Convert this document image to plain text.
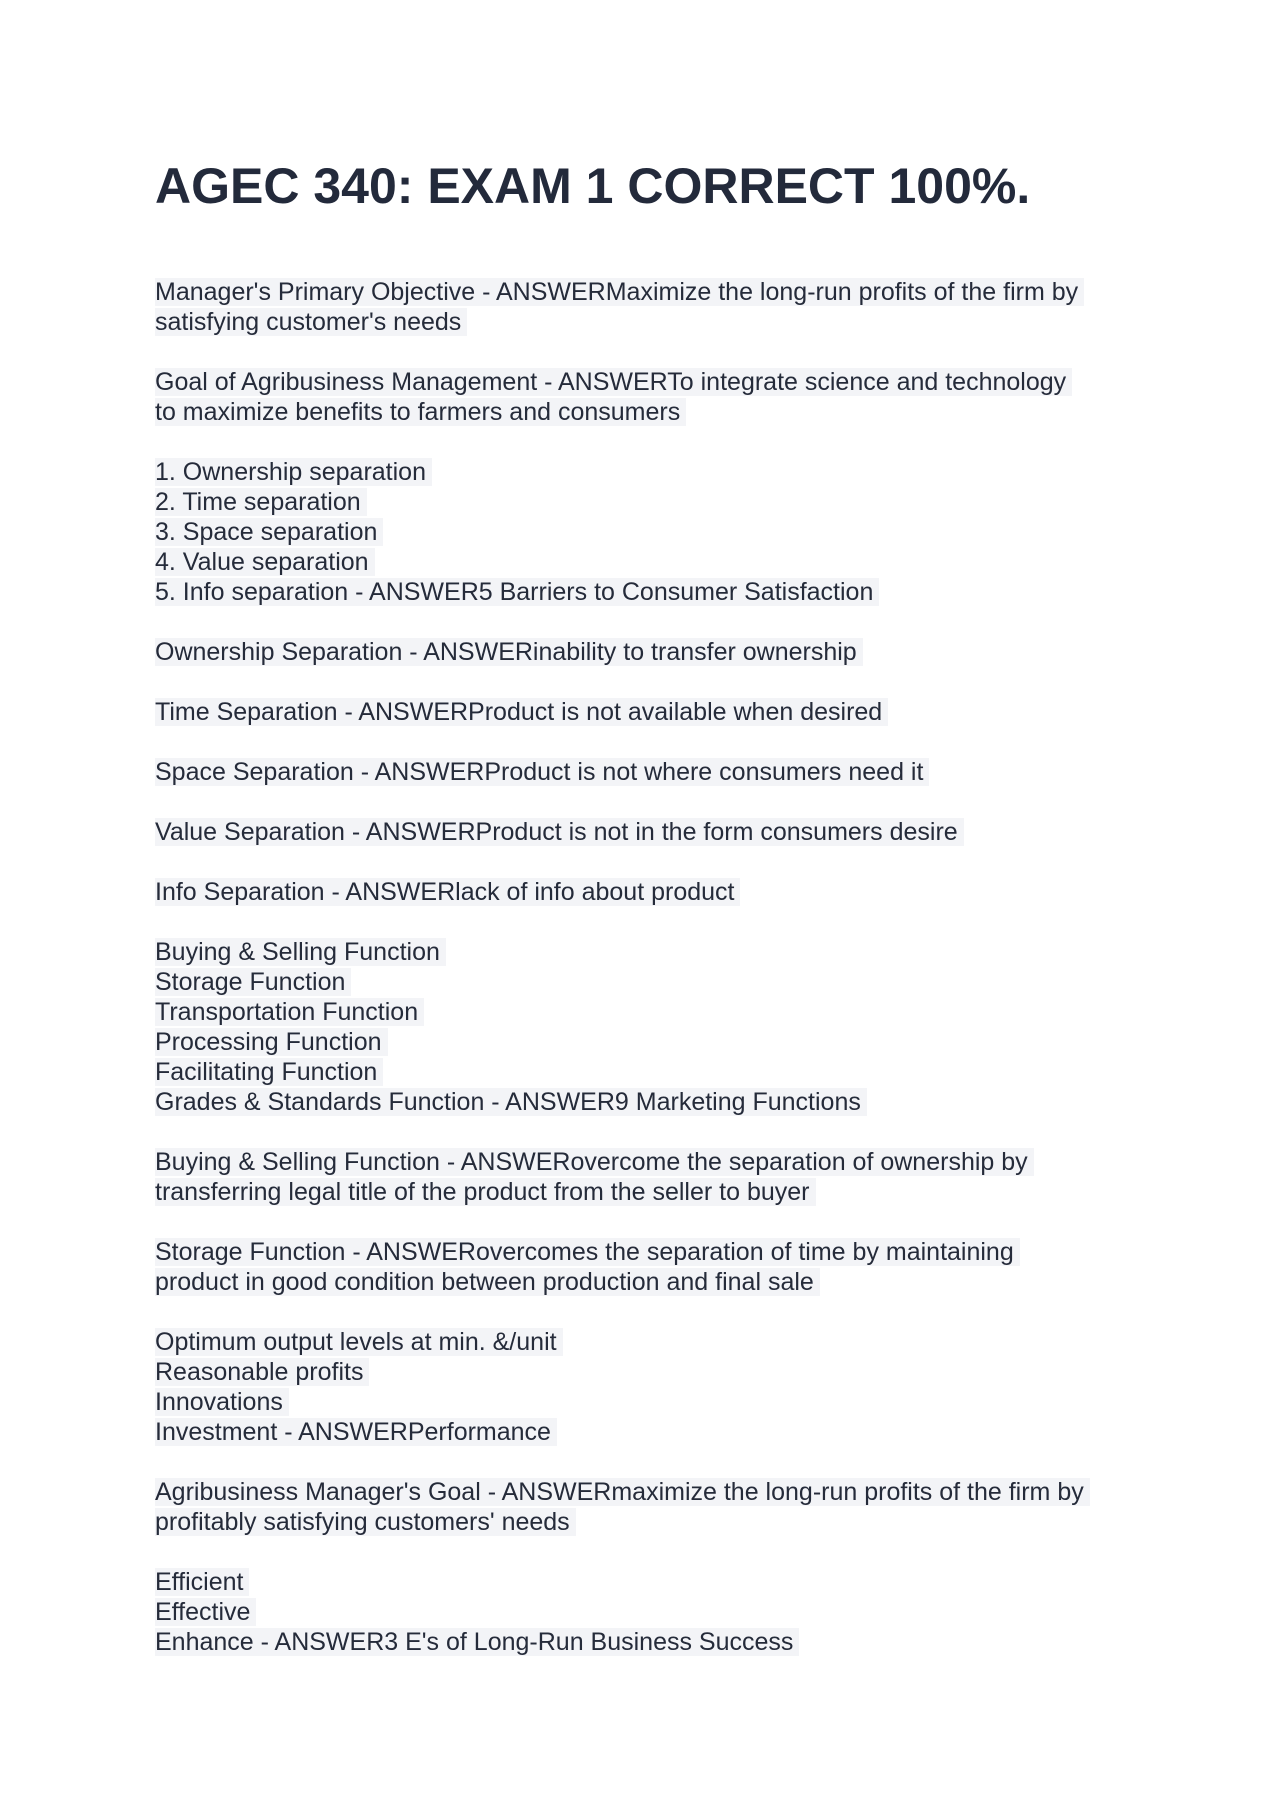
AGEC 340: EXAM 1 CORRECT 100%.
Manager's Primary Objective - ANSWERMaximize the long-run profits of the firm by
satisfying customer's needs
Goal of Agribusiness Management - ANSWERTo integrate science and technology
to maximize benefits to farmers and consumers
1. Ownership separation
2. Time separation
3. Space separation
4. Value separation
5. Info separation - ANSWER5 Barriers to Consumer Satisfaction
Ownership Separation - ANSWERinability to transfer ownership
Time Separation - ANSWERProduct is not available when desired
Space Separation - ANSWERProduct is not where consumers need it
Value Separation - ANSWERProduct is not in the form consumers desire
Info Separation - ANSWERlack of info about product
Buying & Selling Function
Storage Function
Transportation Function
Processing Function
Facilitating Function
Grades & Standards Function - ANSWER9 Marketing Functions
Buying & Selling Function - ANSWERovercome the separation of ownership by
transferring legal title of the product from the seller to buyer
Storage Function - ANSWERovercomes the separation of time by maintaining
product in good condition between production and final sale
Optimum output levels at min. &/unit
Reasonable profits
Innovations
Investment - ANSWERPerformance
Agribusiness Manager's Goal - ANSWERmaximize the long-run profits of the firm by
profitably satisfying customers' needs
Efficient
Effective
Enhance - ANSWER3 E's of Long-Run Business Success
